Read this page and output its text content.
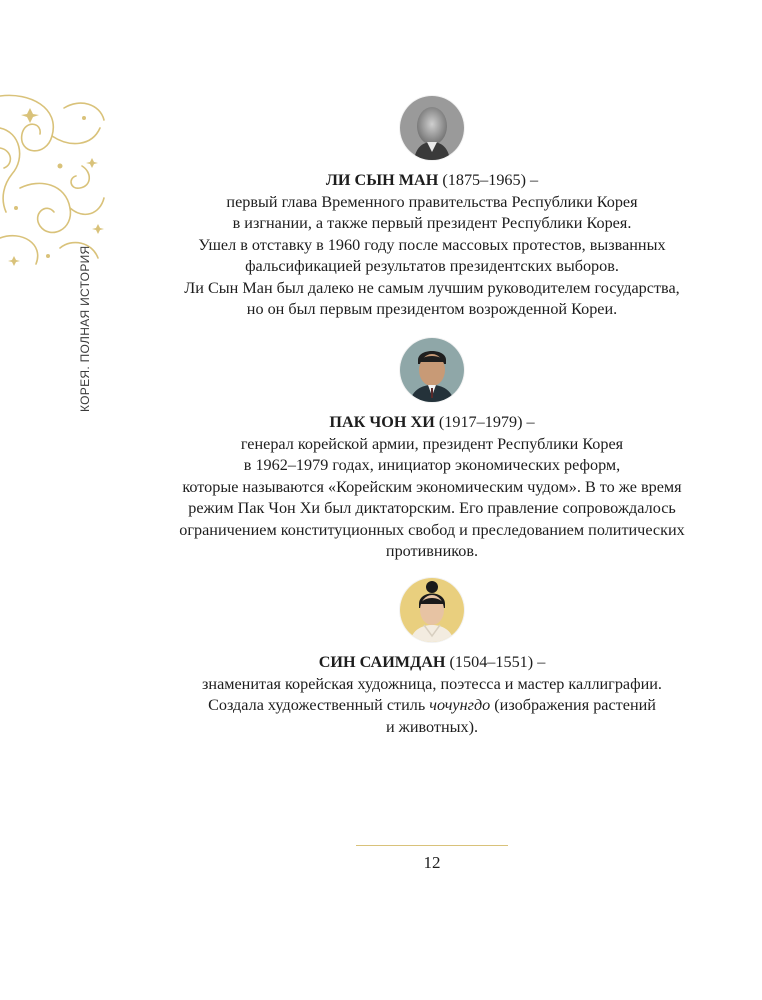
КОРЕЯ. ПОЛНАЯ ИСТОРИЯ
ЛИ СЫН МАН (1875–1965) –
первый глава Временного правительства Республики Корея
в изгнании, а также первый президент Республики Корея.
Ушел в отставку в 1960 году после массовых протестов, вызванных
фальсификацией результатов президентских выборов.
Ли Сын Ман был далеко не самым лучшим руководителем государства,
но он был первым президентом возрожденной Кореи.
ПАК ЧОН ХИ (1917–1979) –
генерал корейской армии, президент Республики Корея
в 1962–1979 годах, инициатор экономических реформ,
которые называются «Корейским экономическим чудом». В то же время
режим Пак Чон Хи был диктаторским. Его правление сопровождалось
ограничением конституционных свобод и преследованием политических
противников.
СИН САИМДАН (1504–1551) –
знаменитая корейская художница, поэтесса и мастер каллиграфии.
Создала художественный стиль чочунгдо (изображения растений
и животных).
12
